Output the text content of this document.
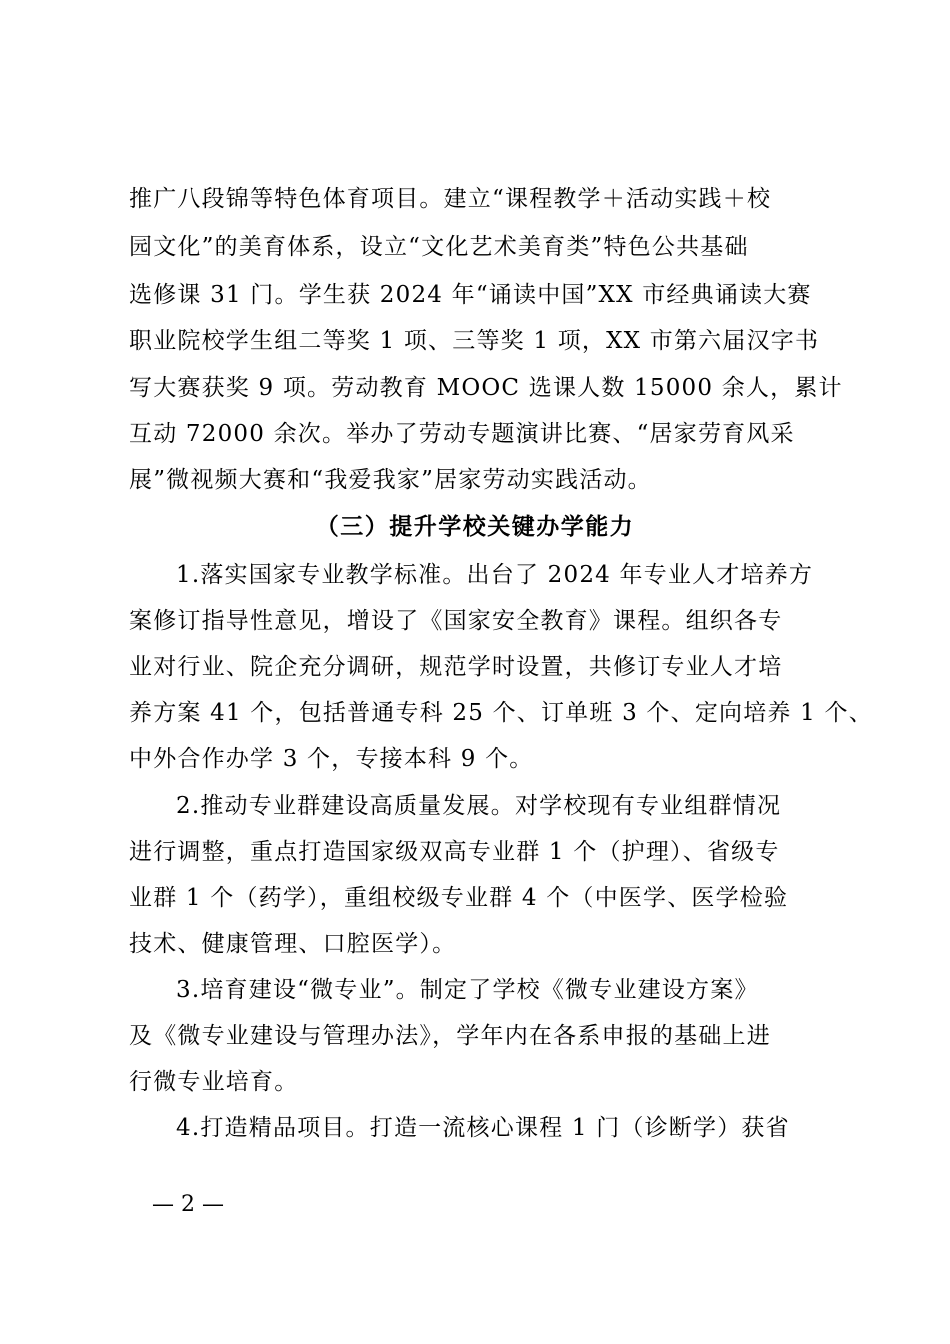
推广八段锦等特色体育项目。建立“课程教学＋活动实践＋校
园文化”的美育体系，设立“文化艺术美育类”特色公共基础
选修课 31 门。学生获 2024 年“诵读中国”XX 市经典诵读大赛
职业院校学生组二等奖 1 项、三等奖 1 项，XX 市第六届汉字书
写大赛获奖 9 项。劳动教育 MOOC 选课人数 15000 余人，累计
互动 72000 余次。举办了劳动专题演讲比赛、“居家劳育风采
展”微视频大赛和“我爱我家”居家劳动实践活动。
（三）提升学校关键办学能力
1.落实国家专业教学标准。出台了 2024 年专业人才培养方
案修订指导性意见，增设了《国家安全教育》课程。组织各专
业对行业、院企充分调研，规范学时设置，共修订专业人才培
养方案 41 个，包括普通专科 25 个、订单班 3 个、定向培养 1 个、
中外合作办学 3 个，专接本科 9 个。
2.推动专业群建设高质量发展。对学校现有专业组群情况
进行调整，重点打造国家级双高专业群 1 个（护理）、省级专
业群 1 个（药学），重组校级专业群 4 个（中医学、医学检验
技术、健康管理、口腔医学）。
3.培育建设“微专业”。制定了学校《微专业建设方案》
及《微专业建设与管理办法》，学年内在各系申报的基础上进
行微专业培育。
4.打造精品项目。打造一流核心课程 1 门（诊断学）获省
— 2 —
